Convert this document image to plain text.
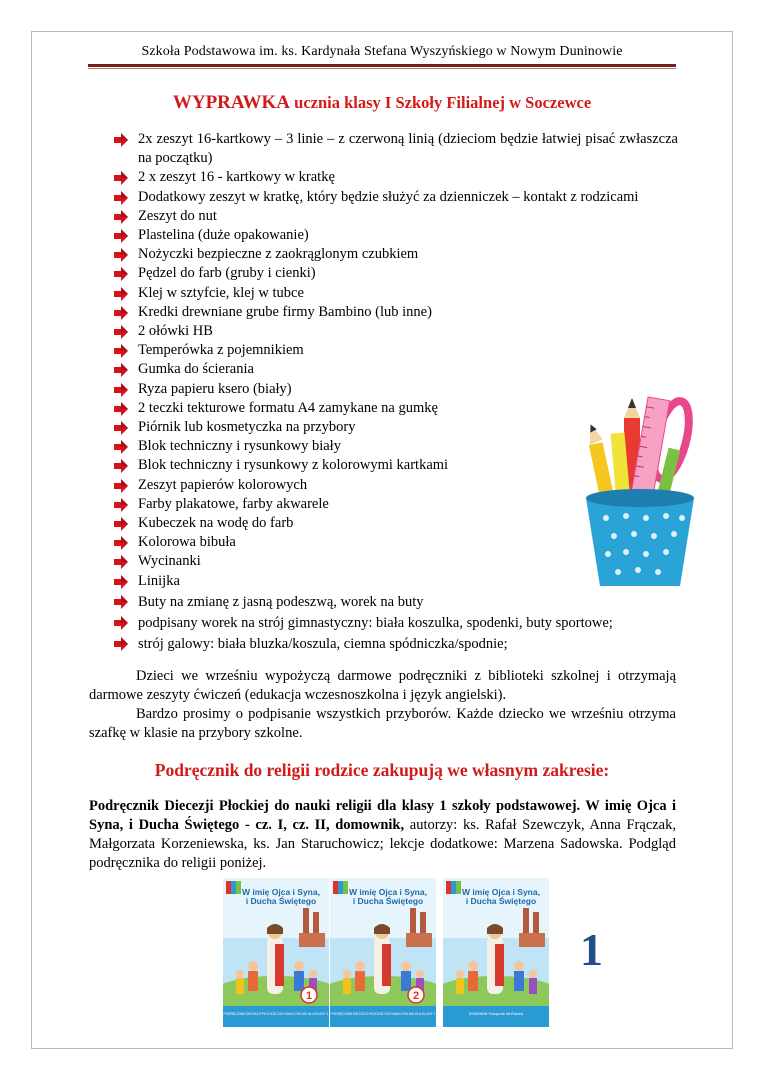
Szkoła Podstawowa im. ks. Kardynała Stefana Wyszyńskiego w Nowym Duninowie
WYPRAWKA ucznia klasy I Szkoły Filialnej w Soczewce
2x zeszyt 16-kartkowy – 3 linie – z czerwoną linią (dzieciom będzie łatwiej pisać zwłaszcza na początku)
2 x zeszyt 16 - kartkowy w kratkę
Dodatkowy zeszyt w kratkę, który będzie służyć za dzienniczek – kontakt z rodzicami
Zeszyt do nut
Plastelina (duże opakowanie)
Nożyczki bezpieczne z zaokrąglonym czubkiem
Pędzel do farb (gruby i cienki)
Klej w sztyfcie, klej w tubce
Kredki drewniane grube firmy Bambino (lub inne)
2 ołówki HB
Temperówka z pojemnikiem
Gumka do ścierania
Ryza papieru ksero (biały)
2 teczki tekturowe formatu A4 zamykane na gumkę
Piórnik lub kosmetyczka na przybory
Blok techniczny i rysunkowy biały
Blok techniczny i rysunkowy z kolorowymi kartkami
Zeszyt papierów kolorowych
Farby plakatowe, farby akwarele
Kubeczek na wodę do farb
Kolorowa bibuła
Wycinanki
Linijka
Buty na zmianę z jasną podeszwą, worek na buty
podpisany worek na strój gimnastyczny: biała koszulka, spodenki, buty sportowe;
strój galowy: biała bluzka/koszula, ciemna spódniczka/spodnie;

Dzieci we wrześniu wypożyczą darmowe podręczniki z biblioteki szkolnej i otrzymają darmowe zeszyty ćwiczeń (edukacja wczesnoszkolna i język angielski).

Bardzo prosimy o podpisanie wszystkich przyborów. Każde dziecko we wrześniu otrzyma szafkę w klasie na przybory szkolne.

Podręcznik do religii rodzice zakupują we własnym zakresie:

Podręcznik Diecezji Płockiej do nauki religii dla klasy 1 szkoły podstawowej. W imię Ojca i Syna, i Ducha Świętego - cz. I, cz. II, domownik, autorzy: ks. Rafał Szewczyk, Anna Frączak, Małgorzata Korzeniewska, ks. Jan Staruchowicz; lekcje dodatkowe: Marzena Sadowska. Podgląd podręcznika do religii poniżej.

1
PODRĘCZNIK DIECEZJI PŁOCKIEJ DO NAUKI RELIGII DLA KLASY 1
W imię Ojca i Syna, i Ducha Świętego
2
PODRĘCZNIK DIECEZJI PŁOCKIEJ DO NAUKI RELIGII DLA KLASY 1
W imię Ojca i Syna, i Ducha Świętego
DOMOWNIK Podręcznik dla Rodziny
W imię Ojca i Syna, i Ducha Świętego
1
